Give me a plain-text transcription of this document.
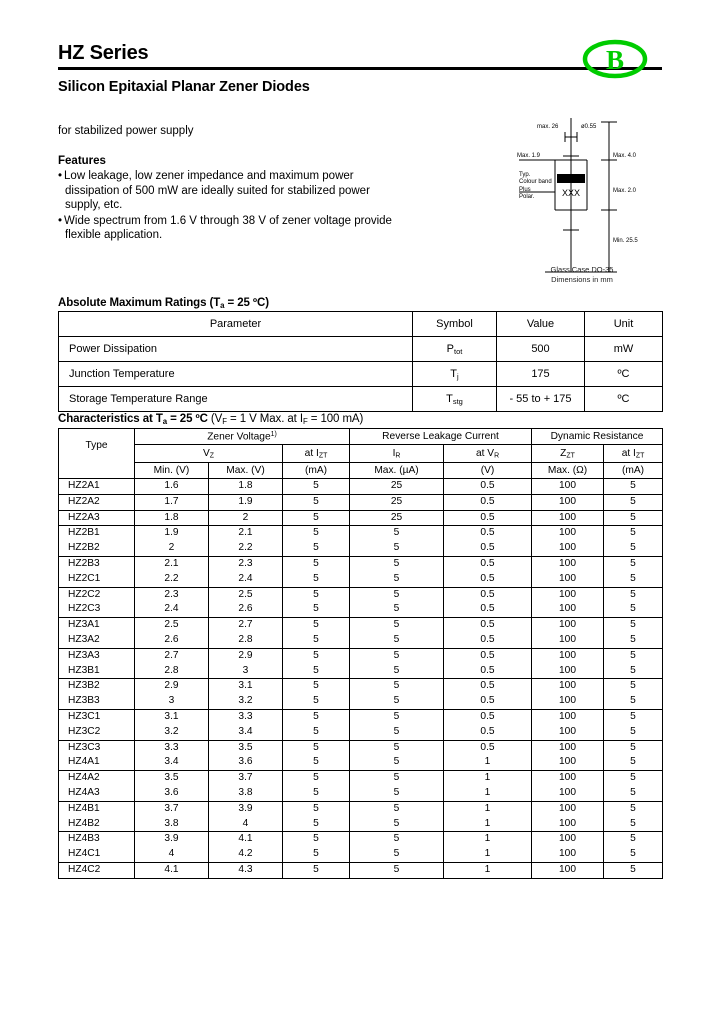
HZ Series
Silicon Epitaxial Planar Zener Diodes
for stabilized power supply
B
Features
• Low leakage, low zener impedance and maximum power dissipation of 500 mW are ideally suited for stabilized power supply, etc.
• Wide spectrum from 1.6 V through 38 V of zener voltage provide flexible application.
XXX
max. 26	ø0.55
Max. 1.9	Max. 4.0
Typ.
Colour band
Plus
Polar.
Max. 2.0
Min. 25.5
Glass Case DO-35
Dimensions in mm
Absolute Maximum Ratings ($T_a = 25$ ºC)
Parameter	Symbol	Value	Unit
Power Dissipation	$P_{tot}$	500	mW
Junction Temperature	$T_j$	175	ºC
Storage Temperature Range	$T_{stg}$	- 55 to + 175	ºC
Characteristics at $T_a = 25$ ºC ($V_F = 1$ V Max. at $I_F = 100$ mA)
Type	Zener Voltage$^{1)}$			Reverse Leakage Current		Dynamic Resistance	
	$V_Z$		at $I_{ZT}$	$I_R$	at $V_R$	$Z_{ZT}$	at $I_{ZT}$
	Min. (V)	Max. (V)	(mA)	Max. (µA)	(V)	Max. (Ω)	(mA)
HZ2A1	1.6	1.8	5	25	0.5	100	5
HZ2A2	1.7	1.9	5	25	0.5	100	5
HZ2A3	1.8	2	5	25	0.5	100	5
HZ2B1	1.9	2.1	5	5	0.5	100	5
HZ2B2	2	2.2	5	5	0.5	100	5
HZ2B3	2.1	2.3	5	5	0.5	100	5
HZ2C1	2.2	2.4	5	5	0.5	100	5
HZ2C2	2.3	2.5	5	5	0.5	100	5
HZ2C3	2.4	2.6	5	5	0.5	100	5
HZ3A1	2.5	2.7	5	5	0.5	100	5
HZ3A2	2.6	2.8	5	5	0.5	100	5
HZ3A3	2.7	2.9	5	5	0.5	100	5
HZ3B1	2.8	3	5	5	0.5	100	5
HZ3B2	2.9	3.1	5	5	0.5	100	5
HZ3B3	3	3.2	5	5	0.5	100	5
HZ3C1	3.1	3.3	5	5	0.5	100	5
HZ3C2	3.2	3.4	5	5	0.5	100	5
HZ3C3	3.3	3.5	5	5	0.5	100	5
HZ4A1	3.4	3.6	5	5	1	100	5
HZ4A2	3.5	3.7	5	5	1	100	5
HZ4A3	3.6	3.8	5	5	1	100	5
HZ4B1	3.7	3.9	5	5	1	100	5
HZ4B2	3.8	4	5	5	1	100	5
HZ4B3	3.9	4.1	5	5	1	100	5
HZ4C1	4	4.2	5	5	1	100	5
HZ4C2	4.1	4.3	5	5	1	100	5
